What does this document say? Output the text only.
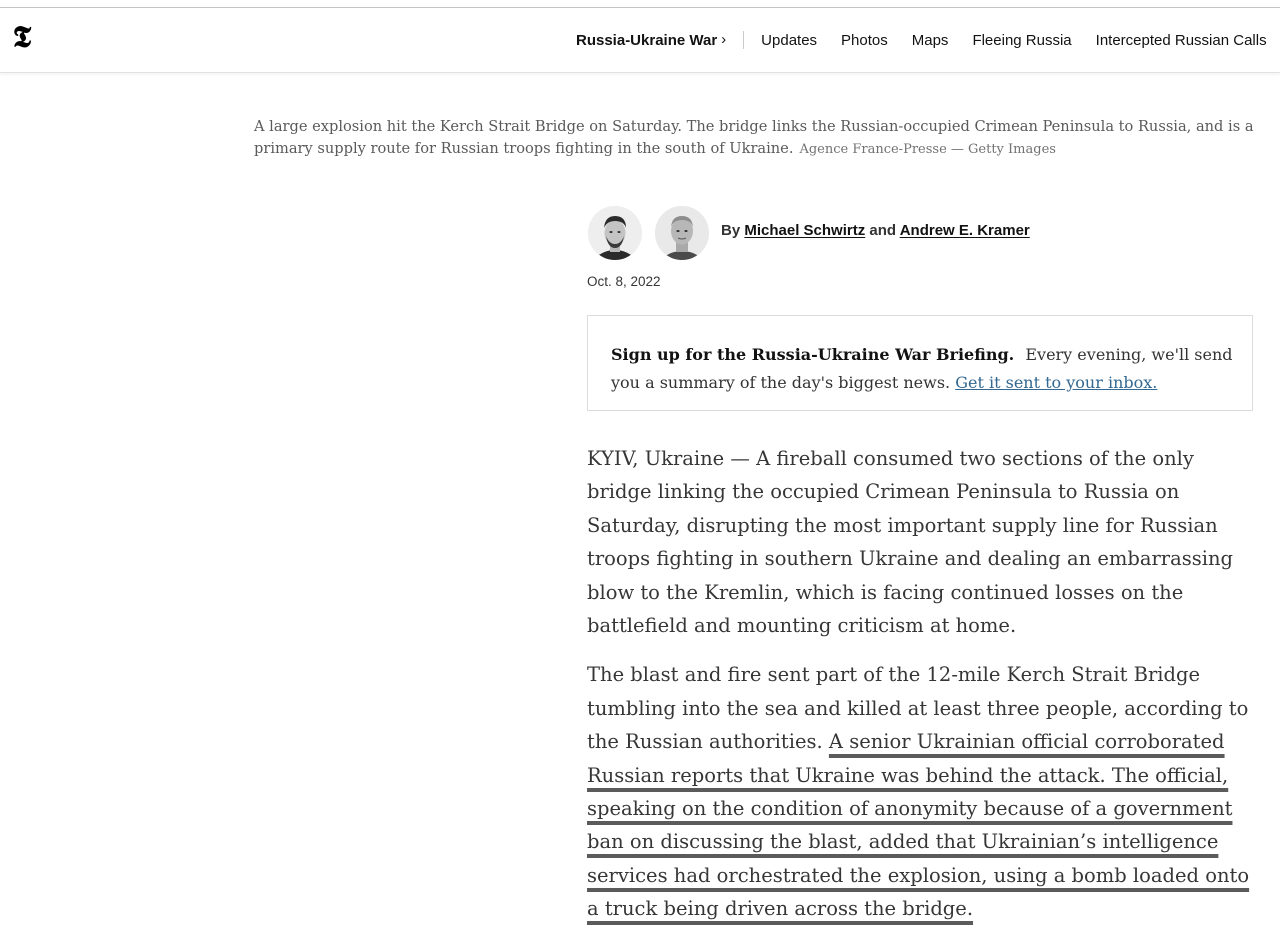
𝕿	Russia-Ukraine War › Updates Photos Maps Fleeing Russia Intercepted Russian Calls
A large explosion hit the Kerch Strait Bridge on Saturday. The bridge links the Russian-occupied Crimean Peninsula to Russia, and is a primary supply route for Russian troops fighting in the south of Ukraine. Agence France-Presse — Getty Images
By Michael Schwirtz and Andrew E. Kramer
Oct. 8, 2022
Sign up for the Russia-Ukraine War Briefing. Every evening, we'll send you a summary of the day's biggest news. Get it sent to your inbox.

KYIV, Ukraine — A fireball consumed two sections of the only bridge linking the occupied Crimean Peninsula to Russia on Saturday, disrupting the most important supply line for Russian troops fighting in southern Ukraine and dealing an embarrassing blow to the Kremlin, which is facing continued losses on the battlefield and mounting criticism at home.

The blast and fire sent part of the 12-mile Kerch Strait Bridge tumbling into the sea and killed at least three people, according to the Russian authorities. A senior Ukrainian official corroborated Russian reports that Ukraine was behind the attack. The official, speaking on the condition of anonymity because of a government ban on discussing the blast, added that Ukrainian’s intelligence services had orchestrated the explosion, using a bomb loaded onto a truck being driven across the bridge.
